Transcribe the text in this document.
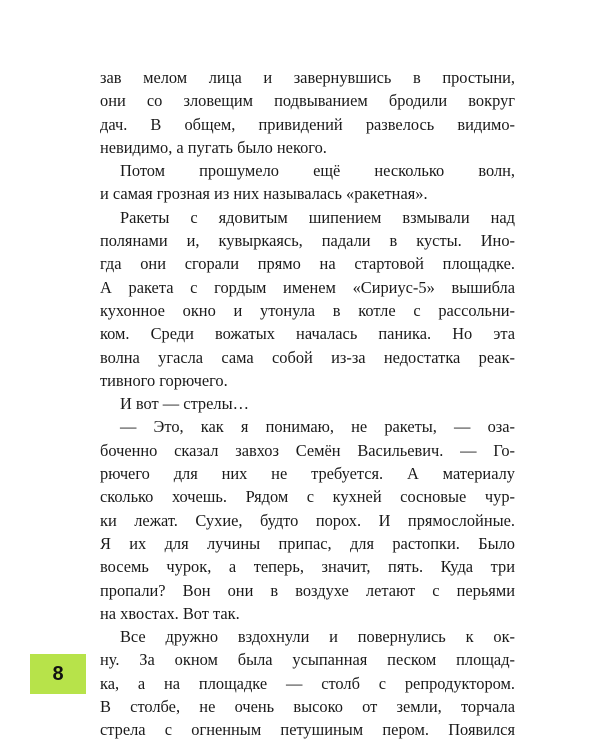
зав мелом лица и завернувшись в простыни,
они со зловещим подвыванием бродили вокруг
дач. В общем, привидений развелось видимо-
невидимо, а пугать было некого.
Потом прошумело ещё несколько волн,
и самая грозная из них называлась «ракетная».
Ракеты с ядовитым шипением взмывали над
полянами и, кувыркаясь, падали в кусты. Ино-
гда они сгорали прямо на стартовой площадке.
А ракета с гордым именем «Сириус-5» вышибла
кухонное окно и утонула в котле с рассольни-
ком. Среди вожатых началась паника. Но эта
волна угасла сама собой из-за недостатка реак-
тивного горючего.
И вот — стрелы…
— Это, как я понимаю, не ракеты, — оза-
боченно сказал завхоз Семён Васильевич. — Го-
рючего для них не требуется. А материалу
сколько хочешь. Рядом с кухней сосновые чур-
ки лежат. Сухие, будто порох. И прямослойные.
Я их для лучины припас, для растопки. Было
восемь чурок, а теперь, значит, пять. Куда три
пропали? Вон они в воздухе летают с перьями
на хвостах. Вот так.
Все дружно вздохнули и повернулись к ок-
ну. За окном была усыпанная песком площад-
ка, а на площадке — столб с репродуктором.
В столбе, не очень высоко от земли, торчала
стрела с огненным петушиным пером. Появился
8
